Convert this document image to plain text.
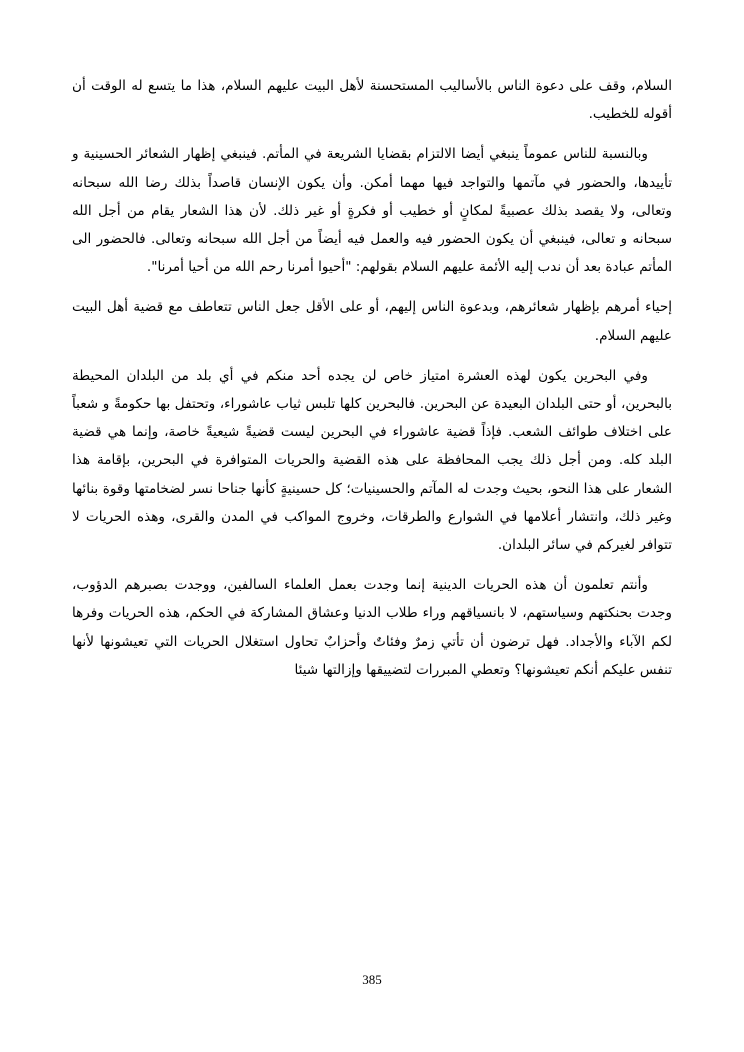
السلام، وقف على دعوة الناس بالأساليب المستحسنة لأهل البيت عليهم السلام، هذا ما يتسع له الوقت أن أقوله للخطيب.

وبالنسبة للناس عموماً ينبغي أيضا الالتزام بقضايا الشريعة في المأتم. فينبغي إظهار الشعائر الحسينية و تأييدها، والحضور في مآتمها والتواجد فيها مهما أمكن. وأن يكون الإنسان قاصداً بذلك رضا الله سبحانه وتعالى، ولا يقصد بذلك عصبيةً لمكانٍ أو خطيب أو فكرةٍ أو غير ذلك. لأن هذا الشعار يقام من أجل الله سبحانه و تعالى، فينبغي أن يكون الحضور فيه والعمل فيه أيضاً من أجل الله سبحانه وتعالى. فالحضور الى المأتم عبادة بعد أن ندب إليه الأئمة عليهم السلام بقولهم: "أحيوا أمرنا رحم الله من أحيا أمرنا".

إحياء أمرهم بإظهار شعائرهم، وبدعوة الناس إليهم، أو على الأقل جعل الناس تتعاطف مع قضية أهل البيت عليهم السلام.

وفي البحرين يكون لهذه العشرة امتياز خاص لن يجده أحد منكم في أي بلد من البلدان المحيطة بالبحرين، أو حتى البلدان البعيدة عن البحرين. فالبحرين كلها تلبس ثياب عاشوراء، وتحتفل بها حكومةً و شعباً على اختلاف طوائف الشعب. فإذاً قضية عاشوراء في البحرين ليست قضيةً شيعيةً خاصة، وإنما هي قضية البلد كله. ومن أجل ذلك يجب المحافظة على هذه القضية والحريات المتوافرة في البحرين، بإقامة هذا الشعار على هذا النحو، بحيث وجدت له المآتم والحسينيات؛ كل حسينيةٍ كأنها جناحا نسر لضخامتها وقوة بنائها وغير ذلك، وانتشار أعلامها في الشوارع والطرقات، وخروج المواكب في المدن والقرى، وهذه الحريات لا تتوافر لغيركم في سائر البلدان.

وأنتم تعلمون أن هذه الحريات الدينية إنما وجدت بعمل العلماء السالفين، ووجدت بصبرهم الدؤوب، وجدت بحنكتهم وسياستهم، لا بانسياقهم وراء طلاب الدنيا وعشاق المشاركة في الحكم، هذه الحريات وفرها لكم الآباء والأجداد. فهل ترضون أن تأتي زمرٌ وفئاتٌ وأحزابٌ تحاول استغلال الحريات التي تعيشونها لأنها تنفس عليكم أنكم تعيشونها؟ وتعطي المبررات لتضييقها وإزالتها شيئا

385
